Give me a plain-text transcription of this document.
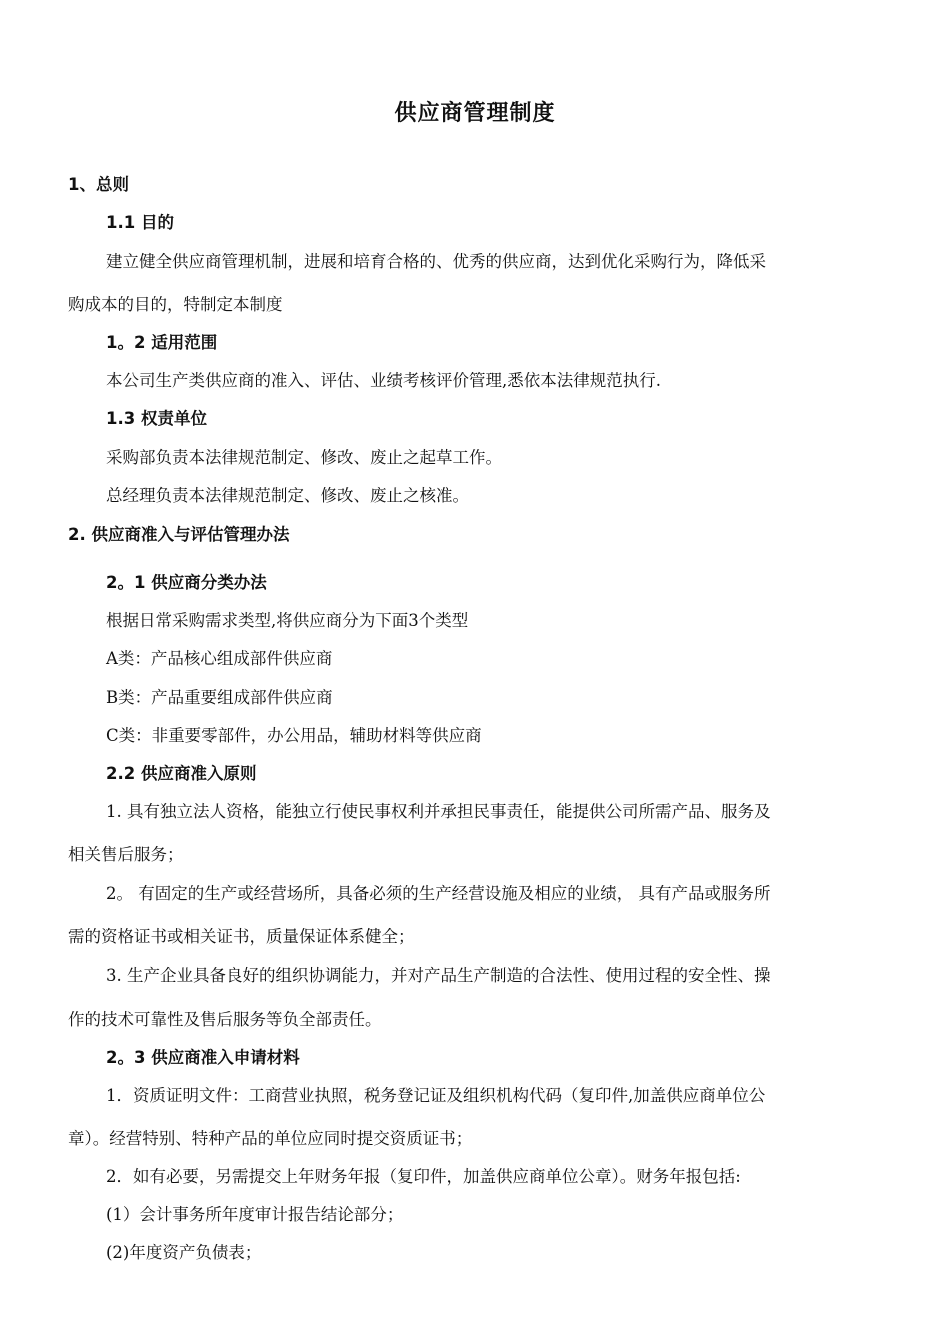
供应商管理制度
1、总则
1.1 目的
建立健全供应商管理机制，进展和培育合格的、优秀的供应商，达到优化采购行为，降低采
购成本的目的，特制定本制度
1。2 适用范围
本公司生产类供应商的准入、评估、业绩考核评价管理,悉依本法律规范执行.
1.3 权责单位
采购部负责本法律规范制定、修改、废止之起草工作。
总经理负责本法律规范制定、修改、废止之核准。
2. 供应商准入与评估管理办法
2。1 供应商分类办法
根据日常采购需求类型,将供应商分为下面3个类型
A类：产品核心组成部件供应商
B类：产品重要组成部件供应商
C类：非重要零部件，办公用品，辅助材料等供应商
2.2 供应商准入原则
1. 具有独立法人资格，能独立行使民事权利并承担民事责任，能提供公司所需产品、服务及
相关售后服务；
2。 有固定的生产或经营场所，具备必须的生产经营设施及相应的业绩， 具有产品或服务所
需的资格证书或相关证书，质量保证体系健全；
3. 生产企业具备良好的组织协调能力，并对产品生产制造的合法性、使用过程的安全性、操
作的技术可靠性及售后服务等负全部责任。
2。3 供应商准入申请材料
1．资质证明文件：工商营业执照，税务登记证及组织机构代码（复印件,加盖供应商单位公
章）。经营特别、特种产品的单位应同时提交资质证书；
2．如有必要，另需提交上年财务年报（复印件，加盖供应商单位公章）。财务年报包括:
(1）会计事务所年度审计报告结论部分；
(2)年度资产负债表；
